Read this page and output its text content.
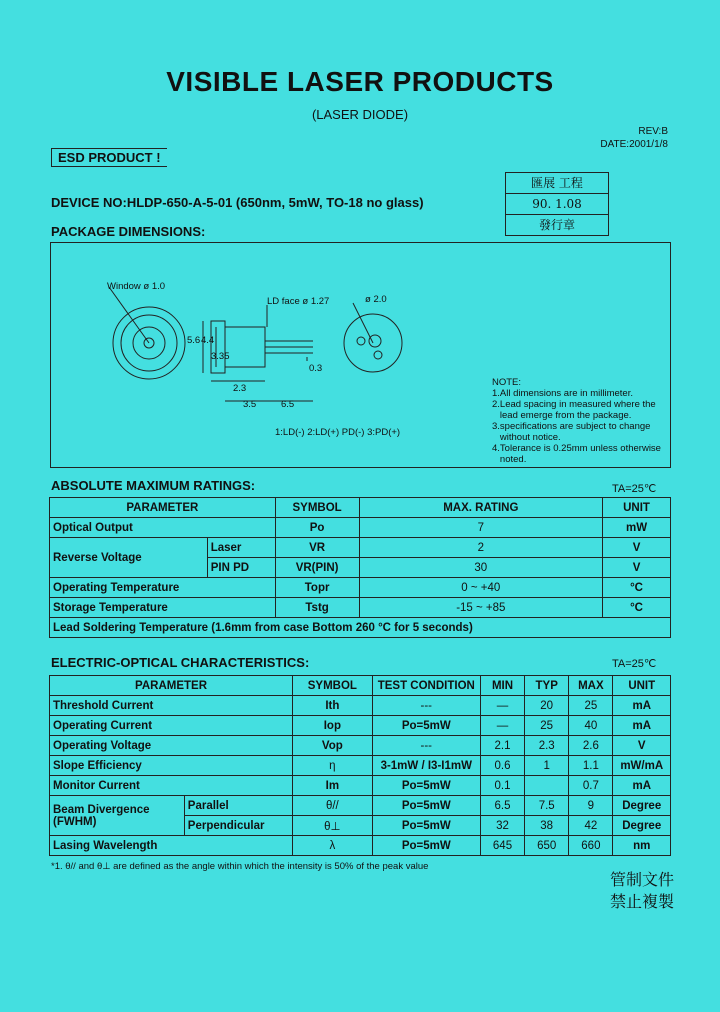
VISIBLE LASER PRODUCTS
(LASER DIODE)
REV:B
DATE:2001/1/8
ESD PRODUCT !
DEVICE NO:HLDP-650-A-5-01 (650nm, 5mW, TO-18 no glass)
匯展 工程
90. 1.08
發行章
PACKAGE DIMENSIONS:
Window ø 1.0
LD face ø 1.27	ø 2.0
5.6 4.4
3.35
0.3
2.3
3.5	6.5
1:LD(-) 2:LD(+) PD(-) 3:PD(+)
NOTE:
1.All dimensions are in millimeter.
2.Lead spacing in measured where the
lead emerge from the package.
3.specifications are subject to change
without notice.
4.Tolerance is 0.25mm unless otherwise
noted.
ABSOLUTE MAXIMUM RATINGS:	TA=25℃
PARAMETER		SYMBOL	MAX. RATING	UNIT
Optical Output		Po	7	mW
Reverse Voltage	Laser	VR	2	V
	PIN PD	VR(PIN)	30	V
Operating Temperature		Topr	0 ~ +40	°C
Storage Temperature		Tstg	-15 ~ +85	°C
Lead Soldering Temperature (1.6mm from case Bottom 260 °C for 5 seconds)				
ELECTRIC-OPTICAL CHARACTERISTICS:	TA=25℃
PARAMETER		SYMBOL	TEST CONDITION	MIN	TYP	MAX	UNIT
Threshold Current		Ith	---	—	20	25	mA
Operating Current		Iop	Po=5mW	—	25	40	mA
Operating Voltage		Vop	---	2.1	2.3	2.6	V
Slope Efficiency		η	3-1mW / I3-I1mW	0.6	1	1.1	mW/mA
Monitor Current		Im	Po=5mW	0.1		0.7	mA
Beam Divergence (FWHM)	Parallel	θ//	Po=5mW	6.5	7.5	9	Degree
	Perpendicular	θ⊥	Po=5mW	32	38	42	Degree
Lasing Wavelength		λ	Po=5mW	645	650	660	nm
*1. θ// and θ⊥ are defined as the angle within which the intensity is 50% of the peak value
管制文件
禁止複製
